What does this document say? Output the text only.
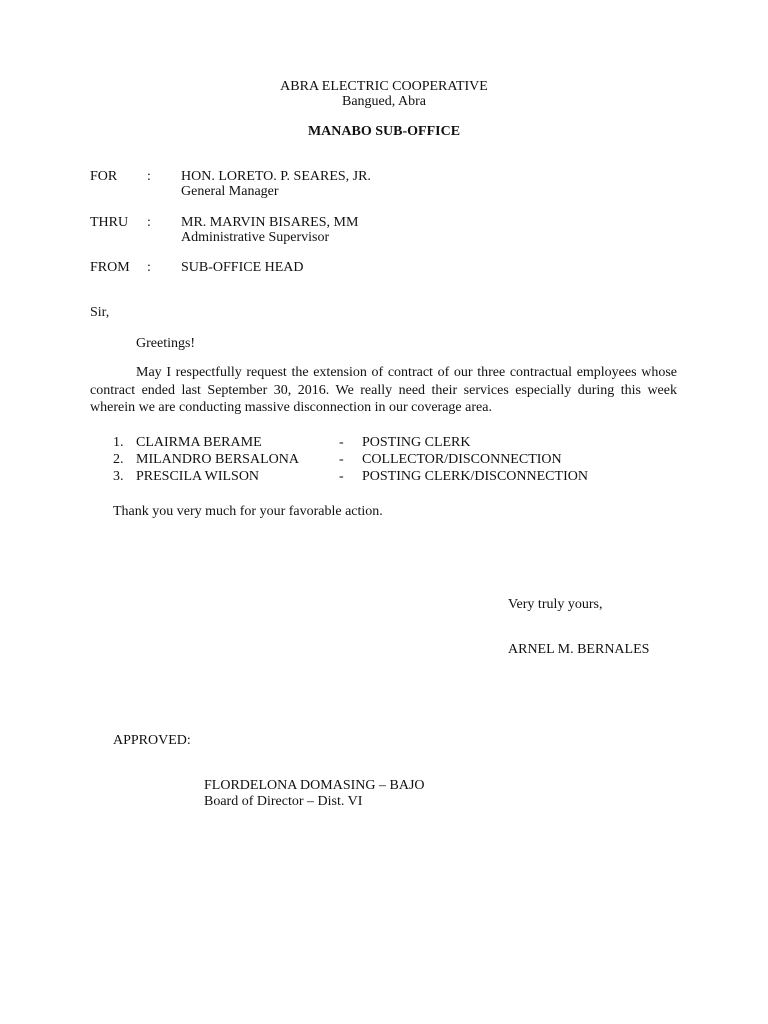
ABRA ELECTRIC COOPERATIVE
Bangued, Abra
MANABO SUB-OFFICE
FOR : HON. LORETO. P. SEARES, JR.
General Manager
THRU : MR. MARVIN BISARES, MM
Administrative Supervisor
FROM : SUB-OFFICE HEAD
Sir,
Greetings!
May I respectfully request the extension of contract of our three contractual employees whose contract ended last September 30, 2016. We really need their services especially during this week wherein we are conducting massive disconnection in our coverage area.
1. CLAIRMA BERAME	- POSTING CLERK
2. MILANDRO BERSALONA	- COLLECTOR/DISCONNECTION
3. PRESCILA WILSON	- POSTING CLERK/DISCONNECTION
Thank you very much for your favorable action.
Very truly yours,
ARNEL M. BERNALES
APPROVED:
FLORDELONA DOMASING – BAJO
Board of Director – Dist. VI
